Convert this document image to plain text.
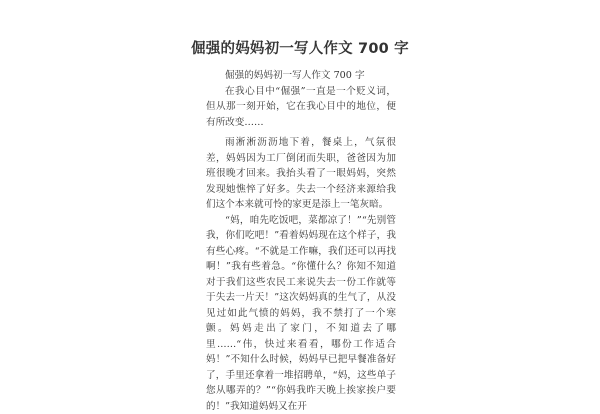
倔强的妈妈初一写人作文 700 字

倔强的妈妈初一写人作文 700 字

在我心目中“倔强”一直是一个贬义词，但从那一刻开始，它在我心目中的地位，便有所改变……

雨淅淅沥沥地下着，餐桌上，气氛很差，妈妈因为工厂倒闭而失职，爸爸因为加班很晚才回来。我抬头看了一眼妈妈，突然发现她憔悴了好多。失去一个经济来源给我们这个本来就可怜的家更是添上一笔灰暗。

“妈，咱先吃饭吧，菜都凉了！”“先别管我，你们吃吧！”看着妈妈现在这个样子，我有些心疼。“不就是工作嘛，我们还可以再找啊！”我有些着急。“你懂什么？你知不知道对于我们这些农民工来说失去一份工作就等于失去一片天！”这次妈妈真的生气了，从没见过如此气愤的妈妈，我不禁打了一个寒颤。妈妈走出了家门，不知道去了哪里……“伟，快过来看看，哪份工作适合妈！”不知什么时候，妈妈早已把早餐准备好了，手里还拿着一堆招聘单，“妈，这些单子您从哪弄的？”“你妈我昨天晚上挨家挨户要的！”我知道妈妈又在开
